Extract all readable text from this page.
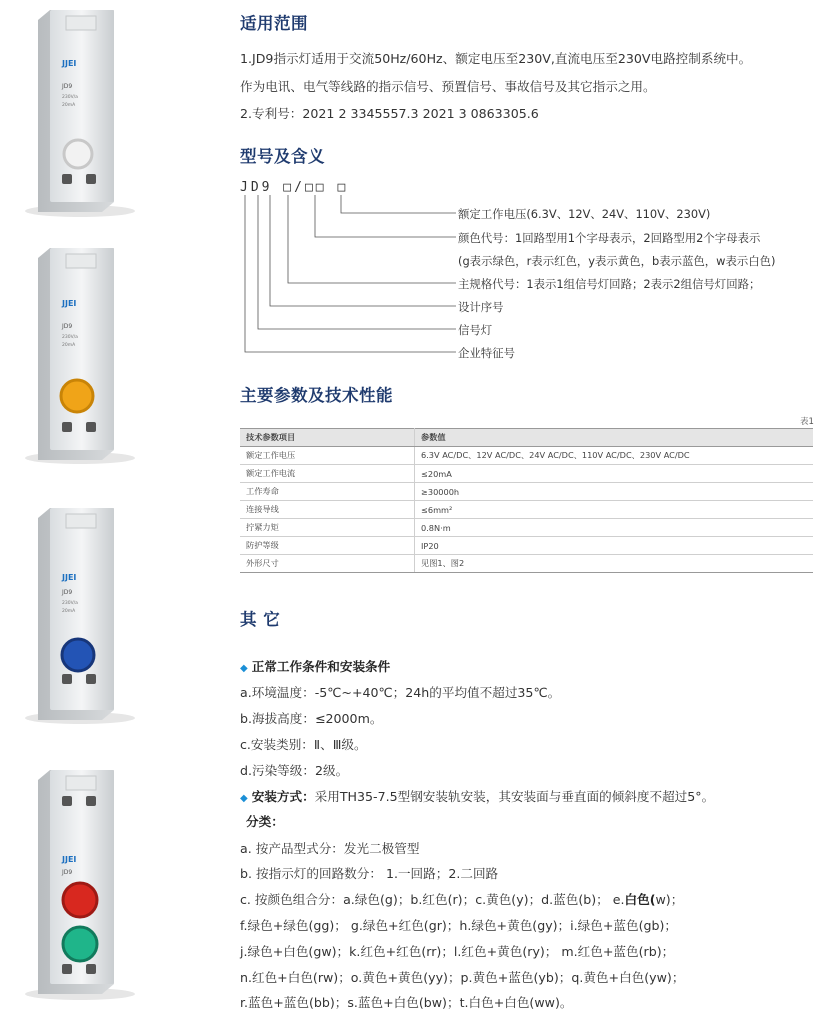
JJEI
JD9
230V/a
20mA
JJEI
JD9
230V/a
20mA
JJEI
JD9
230V/a
20mA
JJEI
JD9
适用范围
1.JD9指示灯适用于交流50Hz/60Hz、额定电压至230V,直流电压至230V电路控制系统中。
作为电讯、电气等线路的指示信号、预置信号、事故信号及其它指示之用。
2.专利号：2021 2 3345557.3 2021 3 0863305.6
型号及含义
JD9 □/□□ □
额定工作电压(6.3V、12V、24V、110V、230V)
颜色代号：1回路型用1个字母表示，2回路型用2个字母表示
(g表示绿色，r表示红色，y表示黄色，b表示蓝色，w表示白色)
主规格代号：1表示1组信号灯回路；2表示2组信号灯回路；
设计序号
信号灯
企业特征号
主要参数及技术性能
表1
技术参数项目	参数值
额定工作电压	6.3V AC/DC、12V AC/DC、24V AC/DC、110V AC/DC、230V AC/DC
额定工作电流	≤20mA
工作寿命	≥30000h
连接导线	≤6mm²
拧紧力矩	0.8N·m
防护等级	IP20
外形尺寸	见图1、图2
其 它
◆ 正常工作条件和安装条件
a.环境温度：-5℃~+40℃；24h的平均值不超过35℃。
b.海拔高度：≤2000m。
c.安装类别：Ⅱ、Ⅲ级。
d.污染等级：2级。
◆ 安装方式：采用TH35-7.5型钢安装轨安装，其安装面与垂直面的倾斜度不超过5°。
分类：
a. 按产品型式分：发光二极管型
b. 按指示灯的回路数分： 1.一回路；2.二回路
c. 按颜色组合分：a.绿色(g)；b.红色(r)；c.黄色(y)；d.蓝色(b)； e.白色(w)；
f.绿色+绿色(gg)； g.绿色+红色(gr)；h.绿色+黄色(gy)；i.绿色+蓝色(gb)；
j.绿色+白色(gw)；k.红色+红色(rr)；l.红色+黄色(ry)； m.红色+蓝色(rb)；
n.红色+白色(rw)；o.黄色+黄色(yy)；p.黄色+蓝色(yb)；q.黄色+白色(yw)；
r.蓝色+蓝色(bb)；s.蓝色+白色(bw)；t.白色+白色(ww)。
